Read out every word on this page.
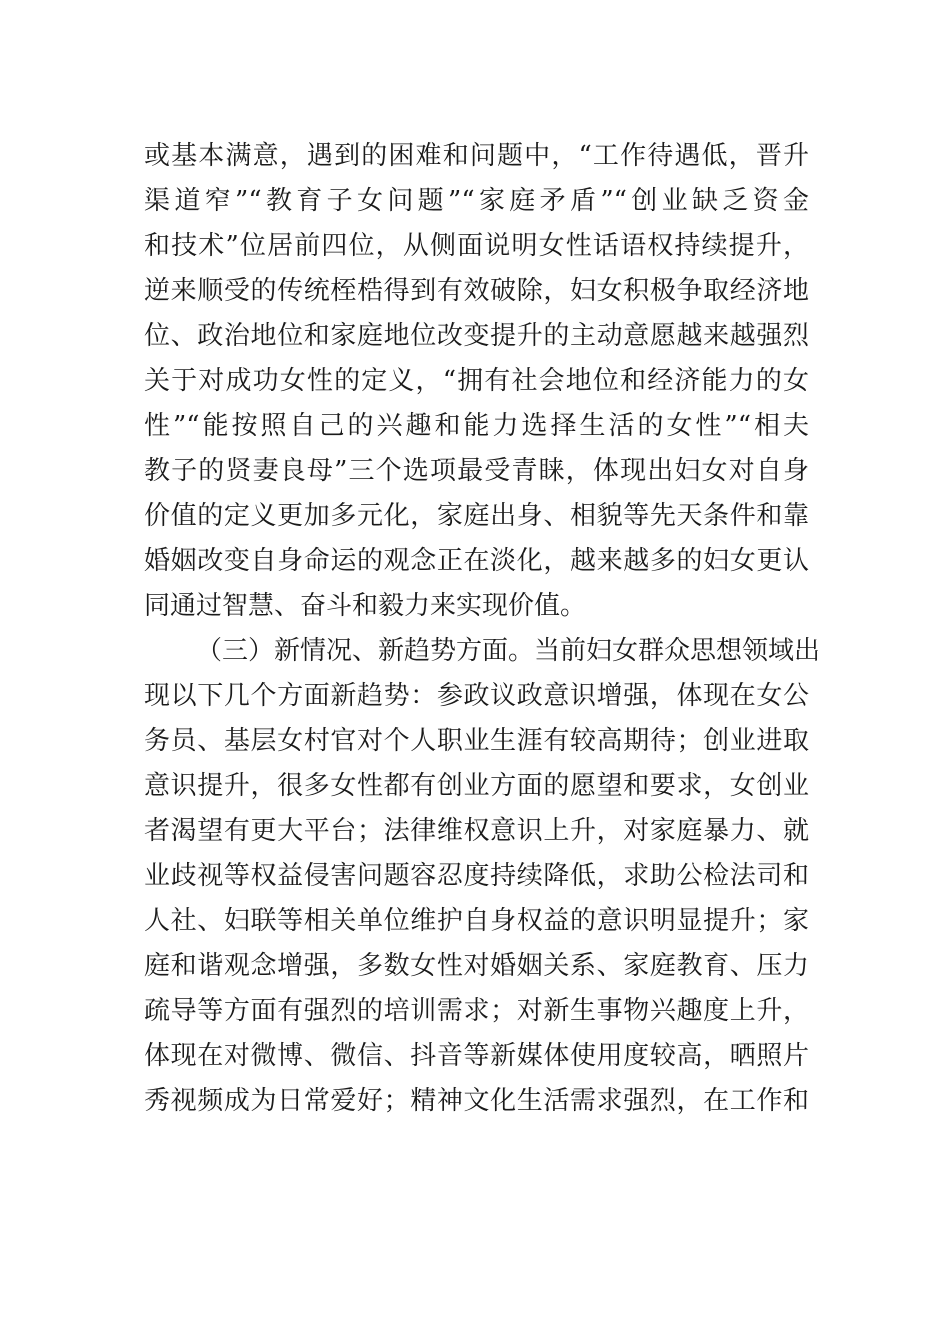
或基本满意，遇到的困难和问题中，“工作待遇低，晋升
渠道窄”“教育子女问题”“家庭矛盾”“创业缺乏资金
和技术”位居前四位，从侧面说明女性话语权持续提升，
逆来顺受的传统桎梏得到有效破除，妇女积极争取经济地
位、政治地位和家庭地位改变提升的主动意愿越来越强烈
关于对成功女性的定义，“拥有社会地位和经济能力的女
性”“能按照自己的兴趣和能力选择生活的女性”“相夫
教子的贤妻良母”三个选项最受青睐，体现出妇女对自身
价值的定义更加多元化，家庭出身、相貌等先天条件和靠
婚姻改变自身命运的观念正在淡化，越来越多的妇女更认
同通过智慧、奋斗和毅力来实现价值。
（三）新情况、新趋势方面。当前妇女群众思想领域出
现以下几个方面新趋势：参政议政意识增强，体现在女公
务员、基层女村官对个人职业生涯有较高期待；创业进取
意识提升，很多女性都有创业方面的愿望和要求，女创业
者渴望有更大平台；法律维权意识上升，对家庭暴力、就
业歧视等权益侵害问题容忍度持续降低，求助公检法司和
人社、妇联等相关单位维护自身权益的意识明显提升；家
庭和谐观念增强，多数女性对婚姻关系、家庭教育、压力
疏导等方面有强烈的培训需求；对新生事物兴趣度上升，
体现在对微博、微信、抖音等新媒体使用度较高，晒照片
秀视频成为日常爱好；精神文化生活需求强烈，在工作和
